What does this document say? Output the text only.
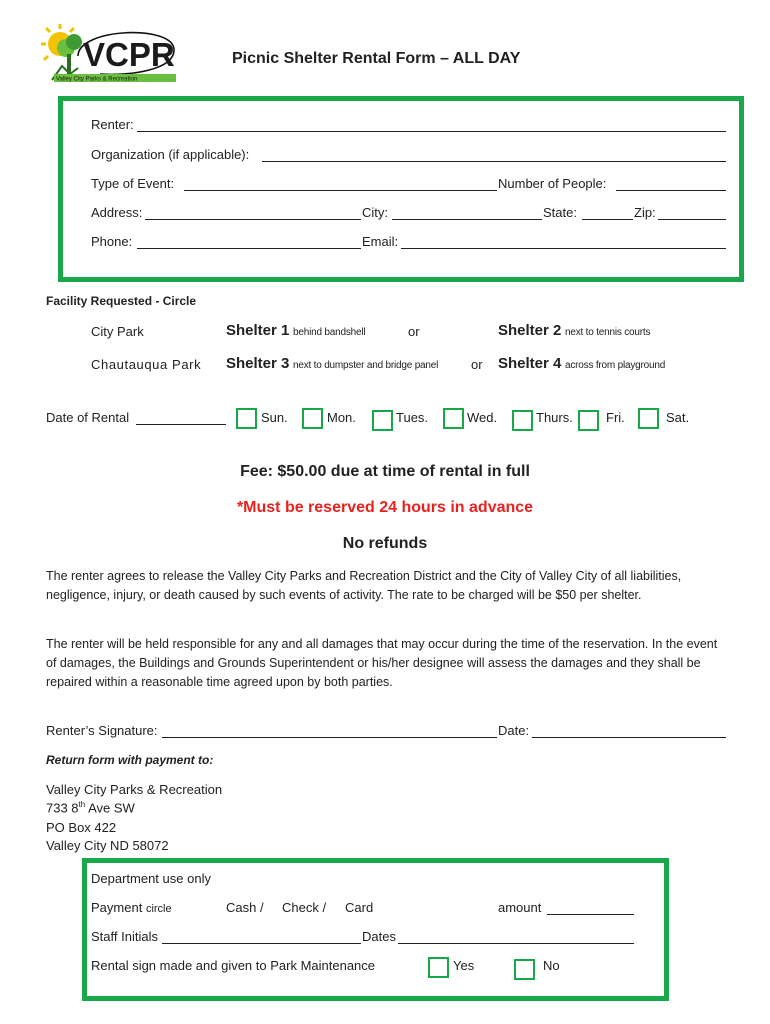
VCPR
Valley City Parks & Recreation
Picnic Shelter Rental Form – ALL DAY
Renter:
Organization (if applicable):
Type of Event:	Number of People:
Address:	City:	State:	Zip:
Phone:	Email:
Facility Requested - Circle
City Park	Shelter 1 behind bandshell	or	Shelter 2 next to tennis courts
Chautauqua Park Shelter 3 next to dumpster and bridge panel	or Shelter 4 across from playground
Date of Rental	Sun.	Mon.	Tues.	Wed.	Thurs.	Fri.	Sat.
Fee: $50.00 due at time of rental in full
*Must be reserved 24 hours in advance
No refunds
The renter agrees to release the Valley City Parks and Recreation District and the City of Valley City of all liabilities, negligence, injury, or death caused by such events of activity. The rate to be charged will be $50 per shelter.
The renter will be held responsible for any and all damages that may occur during the time of the reservation. In the event of damages, the Buildings and Grounds Superintendent or his/her designee will assess the damages and they shall be repaired within a reasonable time agreed upon by both parties.
Renter’s Signature:	Date:
Return form with payment to:
Valley City Parks & Recreation
733 8th Ave SW
PO Box 422
Valley City ND 58072
Department use only
Payment circle	Cash / Check / Card	amount
Staff Initials	Dates
Rental sign made and given to Park Maintenance	Yes	No
